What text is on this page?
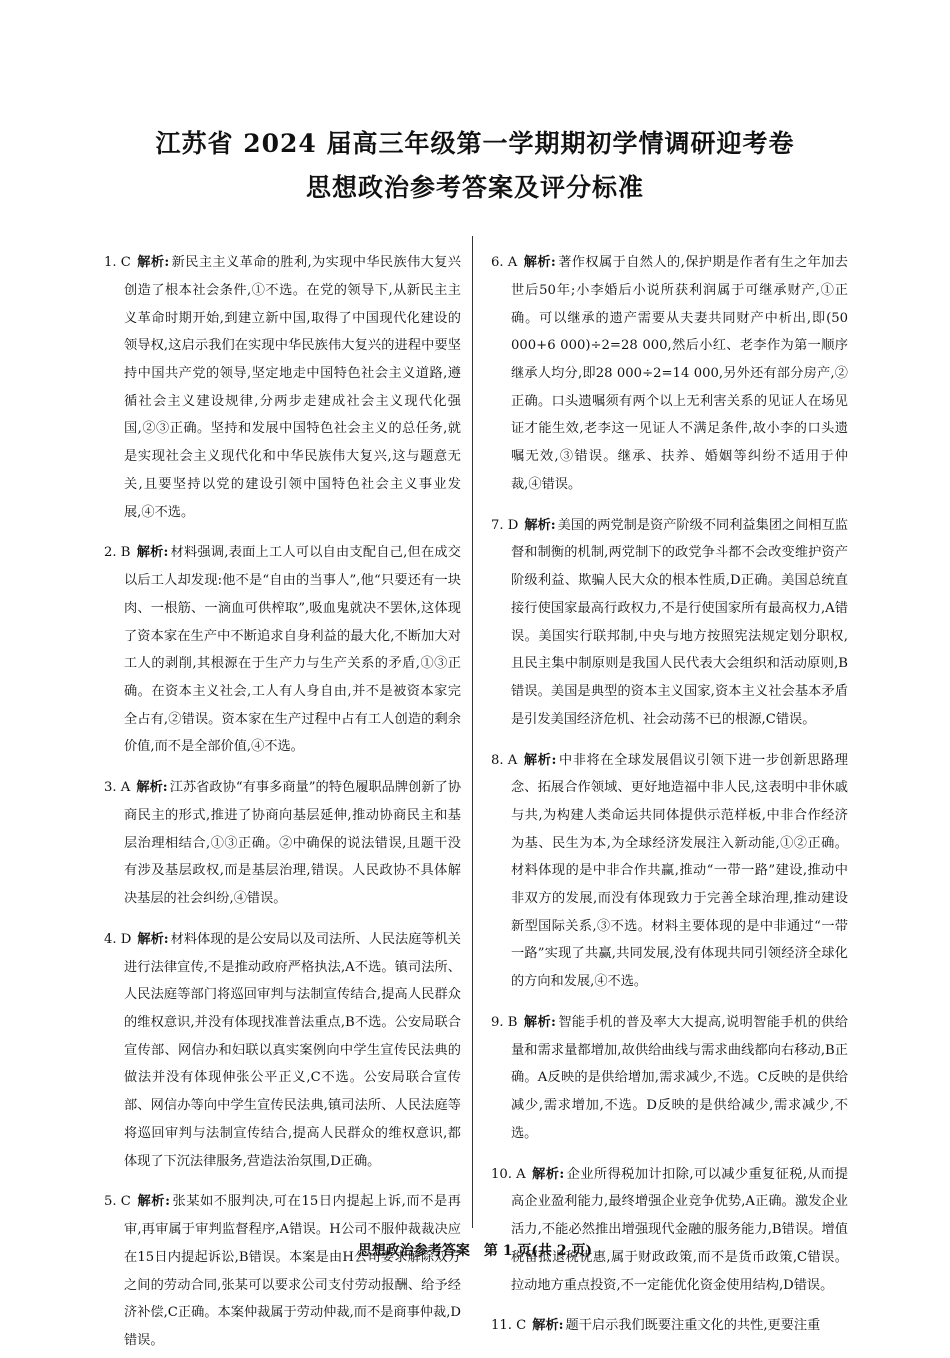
江苏省 2024 届高三年级第一学期期初学情调研迎考卷
思想政治参考答案及评分标准

1. C 解析: 新民主主义革命的胜利,为实现中华民族伟大复兴创造了根本社会条件,①不选。在党的领导下,从新民主主义革命时期开始,到建立新中国,取得了中国现代化建设的领导权,这启示我们在实现中华民族伟大复兴的进程中要坚持中国共产党的领导,坚定地走中国特色社会主义道路,遵循社会主义建设规律,分两步走建成社会主义现代化强国,②③正确。坚持和发展中国特色社会主义的总任务,就是实现社会主义现代化和中华民族伟大复兴,这与题意无关,且要坚持以党的建设引领中国特色社会主义事业发展,④不选。

2. B 解析: 材料强调,表面上工人可以自由支配自己,但在成交以后工人却发现:他不是“自由的当事人”,他“只要还有一块肉、一根筋、一滴血可供榨取”,吸血鬼就决不罢休,这体现了资本家在生产中不断追求自身利益的最大化,不断加大对工人的剥削,其根源在于生产力与生产关系的矛盾,①③正确。在资本主义社会,工人有人身自由,并不是被资本家完全占有,②错误。资本家在生产过程中占有工人创造的剩余价值,而不是全部价值,④不选。

3. A 解析: 江苏省政协“有事多商量”的特色履职品牌创新了协商民主的形式,推进了协商向基层延伸,推动协商民主和基层治理相结合,①③正确。②中确保的说法错误,且题干没有涉及基层政权,而是基层治理,错误。人民政协不具体解决基层的社会纠纷,④错误。

4. D 解析: 材料体现的是公安局以及司法所、人民法庭等机关进行法律宣传,不是推动政府严格执法,A不选。镇司法所、人民法庭等部门将巡回审判与法制宣传结合,提高人民群众的维权意识,并没有体现找准普法重点,B不选。公安局联合宣传部、网信办和妇联以真实案例向中学生宣传民法典的做法并没有体现伸张公平正义,C不选。公安局联合宣传部、网信办等向中学生宣传民法典,镇司法所、人民法庭等将巡回审判与法制宣传结合,提高人民群众的维权意识,都体现了下沉法律服务,营造法治氛围,D正确。

5. C 解析: 张某如不服判决,可在15日内提起上诉,而不是再审,再审属于审判监督程序,A错误。H公司不服仲裁裁决应在15日内提起诉讼,B错误。本案是由H公司要求解除双方之间的劳动合同,张某可以要求公司支付劳动报酬、给予经济补偿,C正确。本案仲裁属于劳动仲裁,而不是商事仲裁,D错误。

6. A 解析: 著作权属于自然人的,保护期是作者有生之年加去世后50年;小李婚后小说所获利润属于可继承财产,①正确。可以继承的遗产需要从夫妻共同财产中析出,即(50 000+6 000)÷2=28 000,然后小红、老李作为第一顺序继承人均分,即28 000÷2=14 000,另外还有部分房产,②正确。口头遗嘱须有两个以上无利害关系的见证人在场见证才能生效,老李这一见证人不满足条件,故小李的口头遗嘱无效,③错误。继承、扶养、婚姻等纠纷不适用于仲裁,④错误。

7. D 解析: 美国的两党制是资产阶级不同利益集团之间相互监督和制衡的机制,两党制下的政党争斗都不会改变维护资产阶级利益、欺骗人民大众的根本性质,D正确。美国总统直接行使国家最高行政权力,不是行使国家所有最高权力,A错误。美国实行联邦制,中央与地方按照宪法规定划分职权,且民主集中制原则是我国人民代表大会组织和活动原则,B错误。美国是典型的资本主义国家,资本主义社会基本矛盾是引发美国经济危机、社会动荡不已的根源,C错误。

8. A 解析: 中非将在全球发展倡议引领下进一步创新思路理念、拓展合作领域、更好地造福中非人民,这表明中非休戚与共,为构建人类命运共同体提供示范样板,中非合作经济为基、民生为本,为全球经济发展注入新动能,①②正确。材料体现的是中非合作共赢,推动“一带一路”建设,推动中非双方的发展,而没有体现致力于完善全球治理,推动建设新型国际关系,③不选。材料主要体现的是中非通过“一带一路”实现了共赢,共同发展,没有体现共同引领经济全球化的方向和发展,④不选。

9. B 解析: 智能手机的普及率大大提高,说明智能手机的供给量和需求量都增加,故供给曲线与需求曲线都向右移动,B正确。A反映的是供给增加,需求减少,不选。C反映的是供给减少,需求增加,不选。D反映的是供给减少,需求减少,不选。

10. A 解析: 企业所得税加计扣除,可以减少重复征税,从而提高企业盈利能力,最终增强企业竞争优势,A正确。激发企业活力,不能必然推出增强现代金融的服务能力,B错误。增值税留抵退税优惠,属于财政政策,而不是货币政策,C错误。拉动地方重点投资,不一定能优化资金使用结构,D错误。

11. C 解析: 题干启示我们既要注重文化的共性,更要注重

思想政治参考答案　第 1 页(共 2 页)
